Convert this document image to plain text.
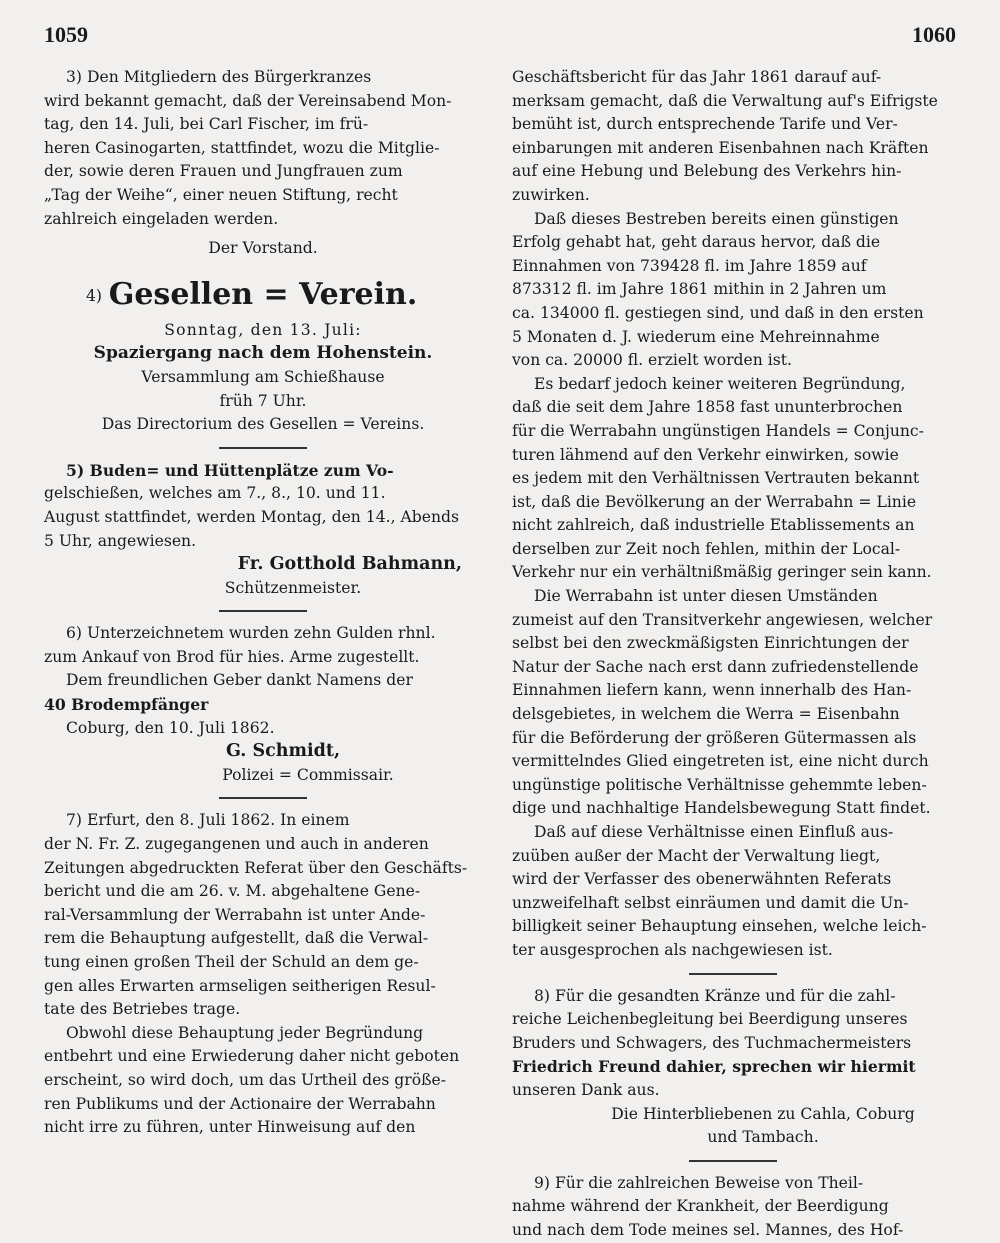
1059	1060

3) Den Mitgliedern des Bürgerkranzes

wird bekannt gemacht, daß der Vereinsabend Mon-

tag, den 14. Juli, bei Carl Fischer, im frü-

heren Casinogarten, stattfindet, wozu die Mitglie-

der, sowie deren Frauen und Jungfrauen zum

„Tag der Weihe“, einer neuen Stiftung, recht

zahlreich eingeladen werden.

Der Vorstand.

4) Gesellen = Verein.

Sonntag, den 13. Juli:

Spaziergang nach dem Hohenstein.

Versammlung am Schießhause

früh 7 Uhr.

Das Directorium des Gesellen = Vereins.

5) Buden= und Hüttenplätze zum Vo-

gelschießen, welches am 7., 8., 10. und 11.

August stattfindet, werden Montag, den 14., Abends

5 Uhr, angewiesen.

Fr. Gotthold Bahmann,

Schützenmeister.

6) Unterzeichnetem wurden zehn Gulden rhnl.

zum Ankauf von Brod für hies. Arme zugestellt.

Dem freundlichen Geber dankt Namens der

40 Brodempfänger

Coburg, den 10. Juli 1862.

G. Schmidt,

Polizei = Commissair.

7) Erfurt, den 8. Juli 1862. In einem

der N. Fr. Z. zugegangenen und auch in anderen

Zeitungen abgedruckten Referat über den Geschäfts-

bericht und die am 26. v. M. abgehaltene Gene-

ral-Versammlung der Werrabahn ist unter Ande-

rem die Behauptung aufgestellt, daß die Verwal-

tung einen großen Theil der Schuld an dem ge-

gen alles Erwarten armseligen seitherigen Resul-

tate des Betriebes trage.

Obwohl diese Behauptung jeder Begründung

entbehrt und eine Erwiederung daher nicht geboten

erscheint, so wird doch, um das Urtheil des größe-

ren Publikums und der Actionaire der Werrabahn

nicht irre zu führen, unter Hinweisung auf den

Geschäftsbericht für das Jahr 1861 darauf auf-

merksam gemacht, daß die Verwaltung auf's Eifrigste

bemüht ist, durch entsprechende Tarife und Ver-

einbarungen mit anderen Eisenbahnen nach Kräften

auf eine Hebung und Belebung des Verkehrs hin-

zuwirken.

Daß dieses Bestreben bereits einen günstigen

Erfolg gehabt hat, geht daraus hervor, daß die

Einnahmen von 739428 fl. im Jahre 1859 auf

873312 fl. im Jahre 1861 mithin in 2 Jahren um

ca. 134000 fl. gestiegen sind, und daß in den ersten

5 Monaten d. J. wiederum eine Mehreinnahme

von ca. 20000 fl. erzielt worden ist.

Es bedarf jedoch keiner weiteren Begründung,

daß die seit dem Jahre 1858 fast ununterbrochen

für die Werrabahn ungünstigen Handels = Conjunc-

turen lähmend auf den Verkehr einwirken, sowie

es jedem mit den Verhältnissen Vertrauten bekannt

ist, daß die Bevölkerung an der Werrabahn = Linie

nicht zahlreich, daß industrielle Etablissements an

derselben zur Zeit noch fehlen, mithin der Local-

Verkehr nur ein verhältnißmäßig geringer sein kann.

Die Werrabahn ist unter diesen Umständen

zumeist auf den Transitverkehr angewiesen, welcher

selbst bei den zweckmäßigsten Einrichtungen der

Natur der Sache nach erst dann zufriedenstellende

Einnahmen liefern kann, wenn innerhalb des Han-

delsgebietes, in welchem die Werra = Eisenbahn

für die Beförderung der größeren Gütermassen als

vermittelndes Glied eingetreten ist, eine nicht durch

ungünstige politische Verhältnisse gehemmte leben-

dige und nachhaltige Handelsbewegung Statt findet.

Daß auf diese Verhältnisse einen Einfluß aus-

zuüben außer der Macht der Verwaltung liegt,

wird der Verfasser des obenerwähnten Referats

unzweifelhaft selbst einräumen und damit die Un-

billigkeit seiner Behauptung einsehen, welche leich-

ter ausgesprochen als nachgewiesen ist.

8) Für die gesandten Kränze und für die zahl-

reiche Leichenbegleitung bei Beerdigung unseres

Bruders und Schwagers, des Tuchmachermeisters

Friedrich Freund dahier, sprechen wir hiermit

unseren Dank aus.

Die Hinterbliebenen zu Cahla, Coburg

und Tambach.

9) Für die zahlreichen Beweise von Theil-

nahme während der Krankheit, der Beerdigung

und nach dem Tode meines sel. Mannes, des Hof-
